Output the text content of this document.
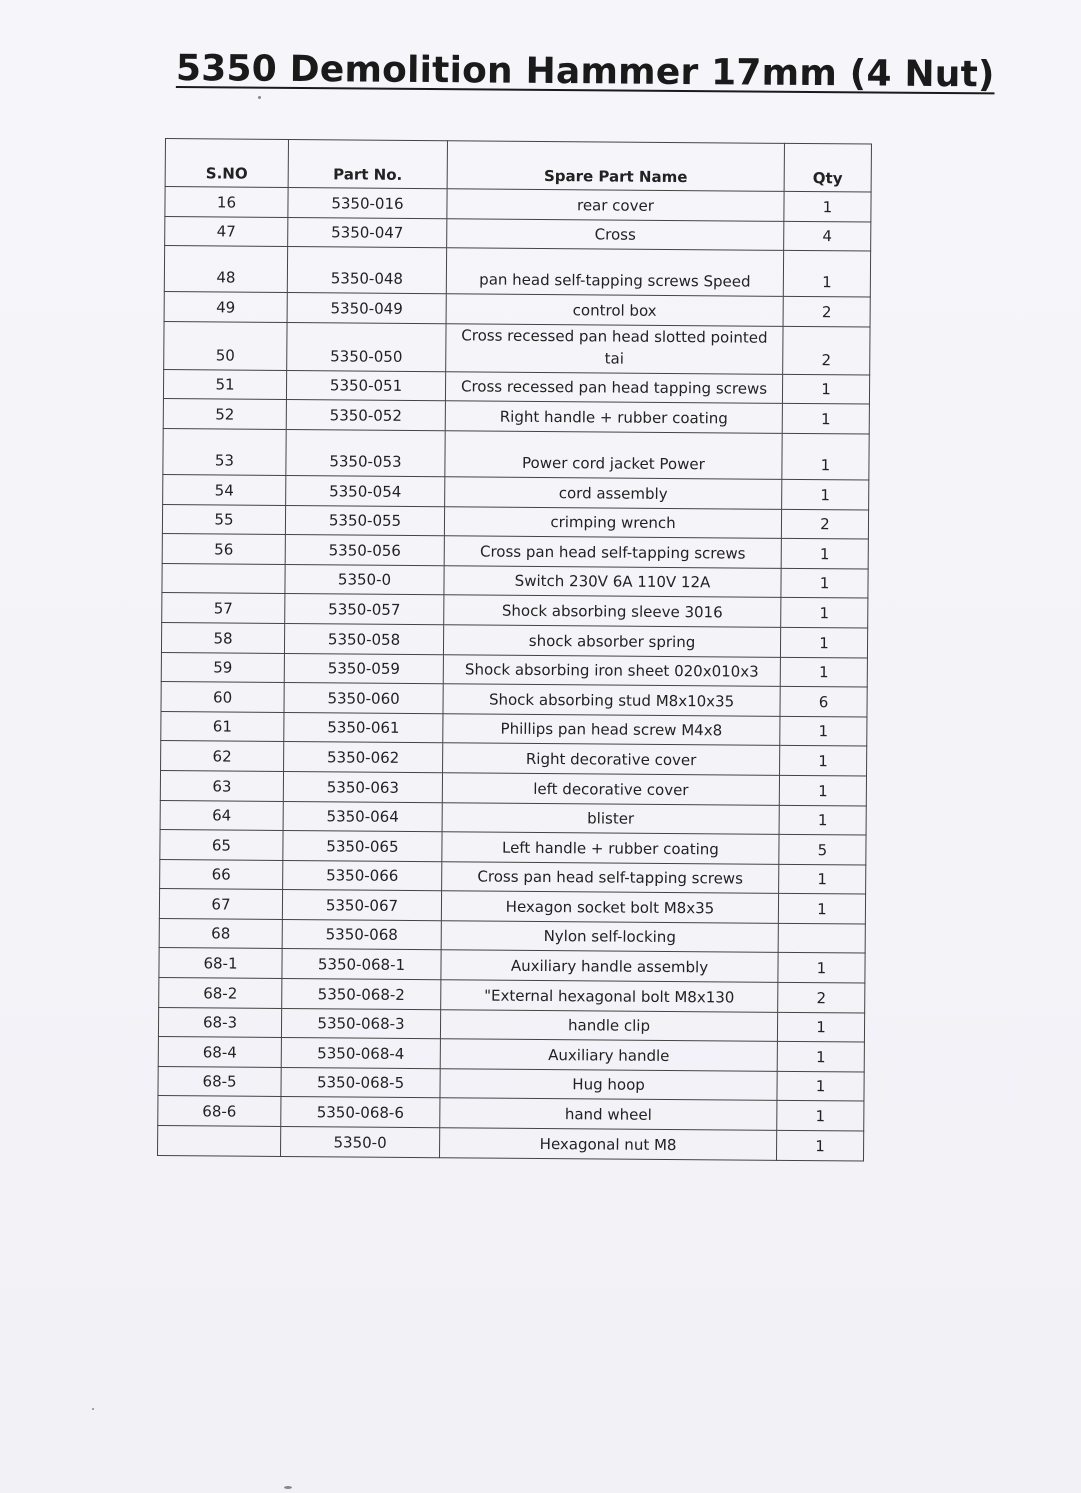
5350 Demolition Hammer 17mm (4 Nut)
S.NO	Part No.	Spare Part Name	Qty
16	5350-016	rear cover	1
47	5350-047	Cross	4
48	5350-048	pan head self-tapping screws Speed	1
49	5350-049	control box	2
50	5350-050	Cross recessed pan head slotted pointed tai	2
51	5350-051	Cross recessed pan head tapping screws	1
52	5350-052	Right handle + rubber coating	1
53	5350-053	Power cord jacket Power	1
54	5350-054	cord assembly	1
55	5350-055	crimping wrench	2
56	5350-056	Cross pan head self-tapping screws	1
	5350-0	Switch 230V 6A 110V 12A	1
57	5350-057	Shock absorbing sleeve 3016	1
58	5350-058	shock absorber spring	1
59	5350-059	Shock absorbing iron sheet 020x010x3	1
60	5350-060	Shock absorbing stud M8x10x35	6
61	5350-061	Phillips pan head screw M4x8	1
62	5350-062	Right decorative cover	1
63	5350-063	left decorative cover	1
64	5350-064	blister	1
65	5350-065	Left handle + rubber coating	5
66	5350-066	Cross pan head self-tapping screws	1
67	5350-067	Hexagon socket bolt M8x35	1
68	5350-068	Nylon self-locking	
68-1	5350-068-1	Auxiliary handle assembly	1
68-2	5350-068-2	"External hexagonal bolt M8x130	2
68-3	5350-068-3	handle clip	1
68-4	5350-068-4	Auxiliary handle	1
68-5	5350-068-5	Hug hoop	1
68-6	5350-068-6	hand wheel	1
	5350-0	Hexagonal nut M8	1
